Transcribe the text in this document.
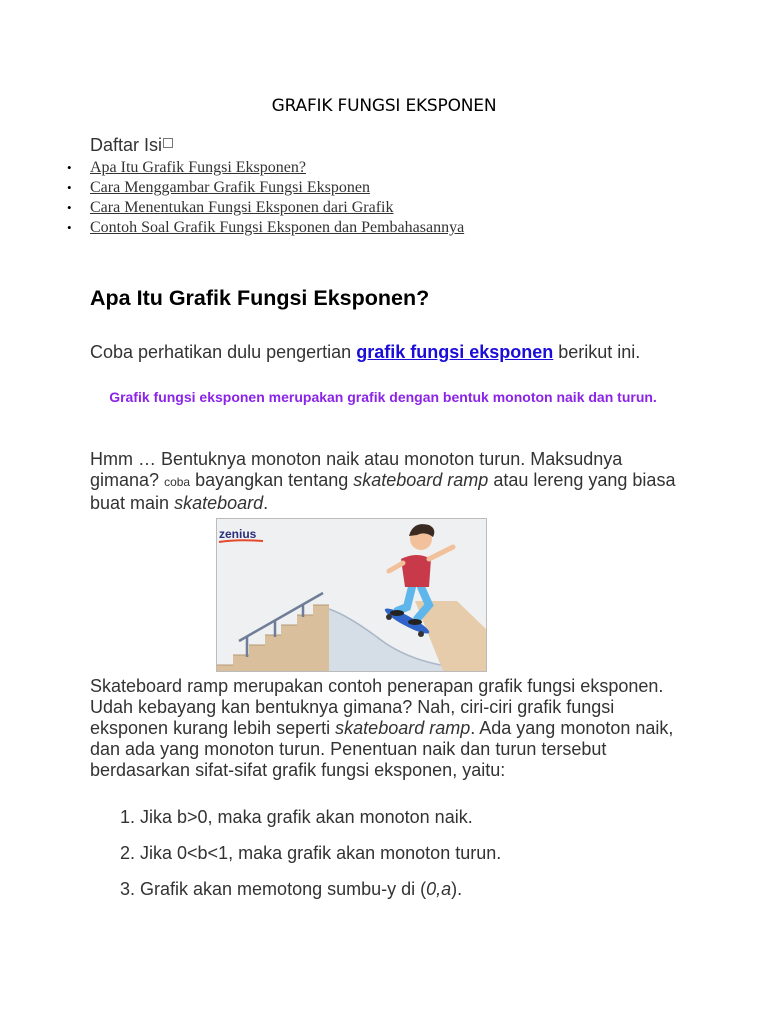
GRAFIK FUNGSI EKSPONEN
Daftar Isi
• Apa Itu Grafik Fungsi Eksponen?
• Cara Menggambar Grafik Fungsi Eksponen
• Cara Menentukan Fungsi Eksponen dari Grafik
• Contoh Soal Grafik Fungsi Eksponen dan Pembahasannya
Apa Itu Grafik Fungsi Eksponen?
Coba perhatikan dulu pengertian grafik fungsi eksponen berikut ini.
Grafik fungsi eksponen merupakan grafik dengan bentuk monoton naik dan turun.
Hmm … Bentuknya monoton naik atau monoton turun. Maksudnya gimana? coba bayangkan tentang skateboard ramp atau lereng yang biasa buat main skateboard.
zenius
Skateboard ramp merupakan contoh penerapan grafik fungsi eksponen. Udah kebayang kan bentuknya gimana? Nah, ciri-ciri grafik fungsi eksponen kurang lebih seperti skateboard ramp. Ada yang monoton naik, dan ada yang monoton turun. Penentuan naik dan turun tersebut berdasarkan sifat-sifat grafik fungsi eksponen, yaitu:
1. Jika b>0, maka grafik akan monoton naik.
2. Jika 0<b<1, maka grafik akan monoton turun.
3. Grafik akan memotong sumbu-y di (0,a).
